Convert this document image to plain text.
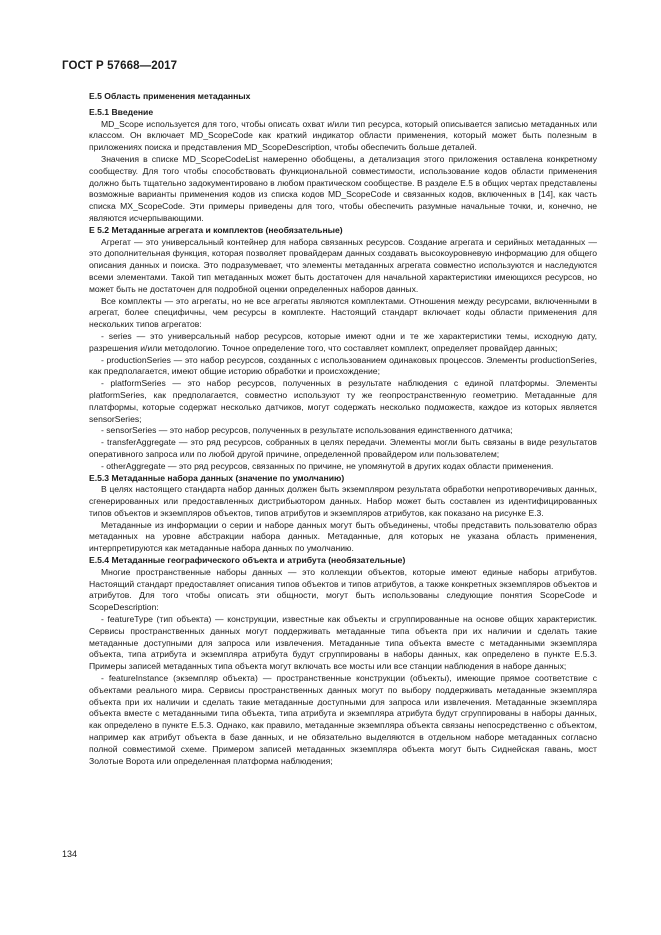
ГОСТ Р 57668—2017

E.5 Область применения метаданных

E.5.1 Введение

MD_Scope используется для того, чтобы описать охват и/или тип ресурса, который описывается записью метаданных или классом. Он включает MD_ScopeCode как краткий индикатор области применения, который может быть полезным в приложениях поиска и представления MD_ScopeDescription, чтобы обеспечить больше деталей.

Значения в списке MD_ScopeCodeList намеренно обобщены, а детализация этого приложения оставлена конкретному сообществу. Для того чтобы способствовать функциональной совместимости, использование кодов области применения должно быть тщательно задокументировано в любом практическом сообществе. В разделе E.5 в общих чертах представлены возможные варианты применения кодов из списка кодов MD_ScopeCode и связанных кодов, включенных в [14], как часть списка MX_ScopeCode. Эти примеры приведены для того, чтобы обеспечить разумные начальные точки, и, конечно, не являются исчерпывающими.

E 5.2 Метаданные агрегата и комплектов (необязательные)

Агрегат — это универсальный контейнер для набора связанных ресурсов. Создание агрегата и серийных метаданных — это дополнительная функция, которая позволяет провайдерам данных создавать высокоуровневую информацию для общего описания данных и поиска. Это подразумевает, что элементы метаданных агрегата совместно используются и наследуются всеми элементами. Такой тип метаданных может быть достаточен для начальной характеристики имеющихся ресурсов, но может быть не достаточен для подробной оценки определенных наборов данных.

Все комплекты — это агрегаты, но не все агрегаты являются комплектами. Отношения между ресурсами, включенными в агрегат, более специфичны, чем ресурсы в комплекте. Настоящий стандарт включает коды области применения для нескольких типов агрегатов:

- series — это универсальный набор ресурсов, которые имеют одни и те же характеристики темы, исходную дату, разрешения и/или методологию. Точное определение того, что составляет комплект, определяет провайдер данных;

- productionSeries — это набор ресурсов, созданных с использованием одинаковых процессов. Элементы productionSeries, как предполагается, имеют общие историю обработки и происхождение;

- platformSeries — это набор ресурсов, полученных в результате наблюдения с единой платформы. Элементы platformSeries, как предполагается, совместно используют ту же геопространственную геометрию. Метаданные для платформы, которые содержат несколько датчиков, могут содержать несколько подможеств, каждое из которых является sensorSeries;

- sensorSeries — это набор ресурсов, полученных в результате использования единственного датчика;

- transferAggregate — это ряд ресурсов, собранных в целях передачи. Элементы могли быть связаны в виде результатов оперативного запроса или по любой другой причине, определенной провайдером или пользователем;

- otherAggregate — это ряд ресурсов, связанных по причине, не упомянутой в других кодах области применения.

E.5.3 Метаданные набора данных (значение по умолчанию)

В целях настоящего стандарта набор данных должен быть экземпляром результата обработки непротиворечивых данных, сгенерированных или предоставленных дистрибьютором данных. Набор может быть составлен из идентифицированных типов объектов и экземпляров объектов, типов атрибутов и экземпляров атрибутов, как показано на рисунке E.3.

Метаданные из информации о серии и наборе данных могут быть объединены, чтобы представить пользователю образ метаданных на уровне абстракции набора данных. Метаданные, для которых не указана область применения, интерпретируются как метаданные набора данных по умолчанию.

E.5.4 Метаданные географического объекта и атрибута (необязательные)

Многие пространственные наборы данных — это коллекции объектов, которые имеют единые наборы атрибутов. Настоящий стандарт предоставляет описания типов объектов и типов атрибутов, а также конкретных экземпляров объектов и атрибутов. Для того чтобы описать эти общности, могут быть использованы следующие понятия ScopeCode и ScopeDescription:

- featureType (тип объекта) — конструкции, известные как объекты и сгруппированные на основе общих характеристик. Сервисы пространственных данных могут поддерживать метаданные типа объекта при их наличии и сделать такие метаданные доступными для запроса или извлечения. Метаданные типа объекта вместе с метаданными экземпляра объекта, типа атрибута и экземпляра атрибута будут сгруппированы в наборы данных, как определено в пункте E.5.3. Примеры записей метаданных типа объекта могут включать все мосты или все станции наблюдения в наборе данных;

- featureInstance (экземпляр объекта) — пространственные конструкции (объекты), имеющие прямое соответствие с объектами реального мира. Сервисы пространственных данных могут по выбору поддерживать метаданные экземпляра объекта при их наличии и сделать такие метаданные доступными для запроса или извлечения. Метаданные экземпляра объекта вместе с метаданными типа объекта, типа атрибута и экземпляра атрибута будут сгруппированы в наборы данных, как определено в пункте E.5.3. Однако, как правило, метаданные экземпляра объекта связаны непосредственно с объектом, например как атрибут объекта в базе данных, и не обязательно выделяются в отдельном наборе метаданных согласно полной совместимой схеме. Примером записей метаданных экземпляра объекта могут быть Сиднейская гавань, мост Золотые Ворота или определенная платформа наблюдения;

134
